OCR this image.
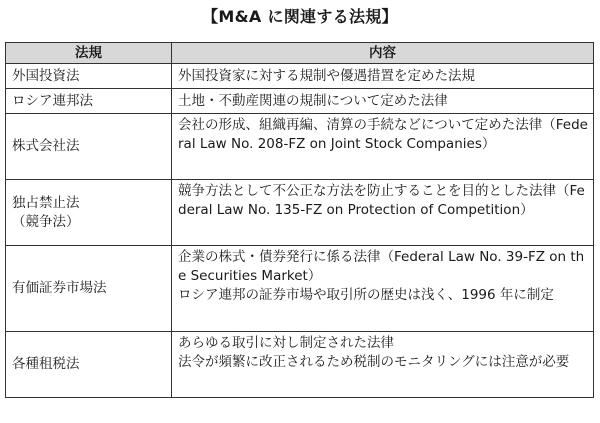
【M&A に関連する法規】
法規	内容

外国投資法	外国投資家に対する規制や優遇措置を定めた法規

ロシア連邦法	土地・不動産関連の規制について定めた法律

株式会社法	会社の形成、組織再編、清算の手続などについて定めた法律（Federal Law No. 208-FZ on Joint Stock Companies）

独占禁止法
（競争法）	競争方法として不公正な方法を防止することを目的とした法律（Federal Law No. 135-FZ on Protection of Competition）

有価証券市場法	企業の株式・債券発行に係る法律（Federal Law No. 39-FZ on the Securities Market）
ロシア連邦の証券市場や取引所の歴史は浅く、1996 年に制定

各種租税法	あらゆる取引に対し制定された法律
法令が頻繁に改正されるため税制のモニタリングには注意が必要
